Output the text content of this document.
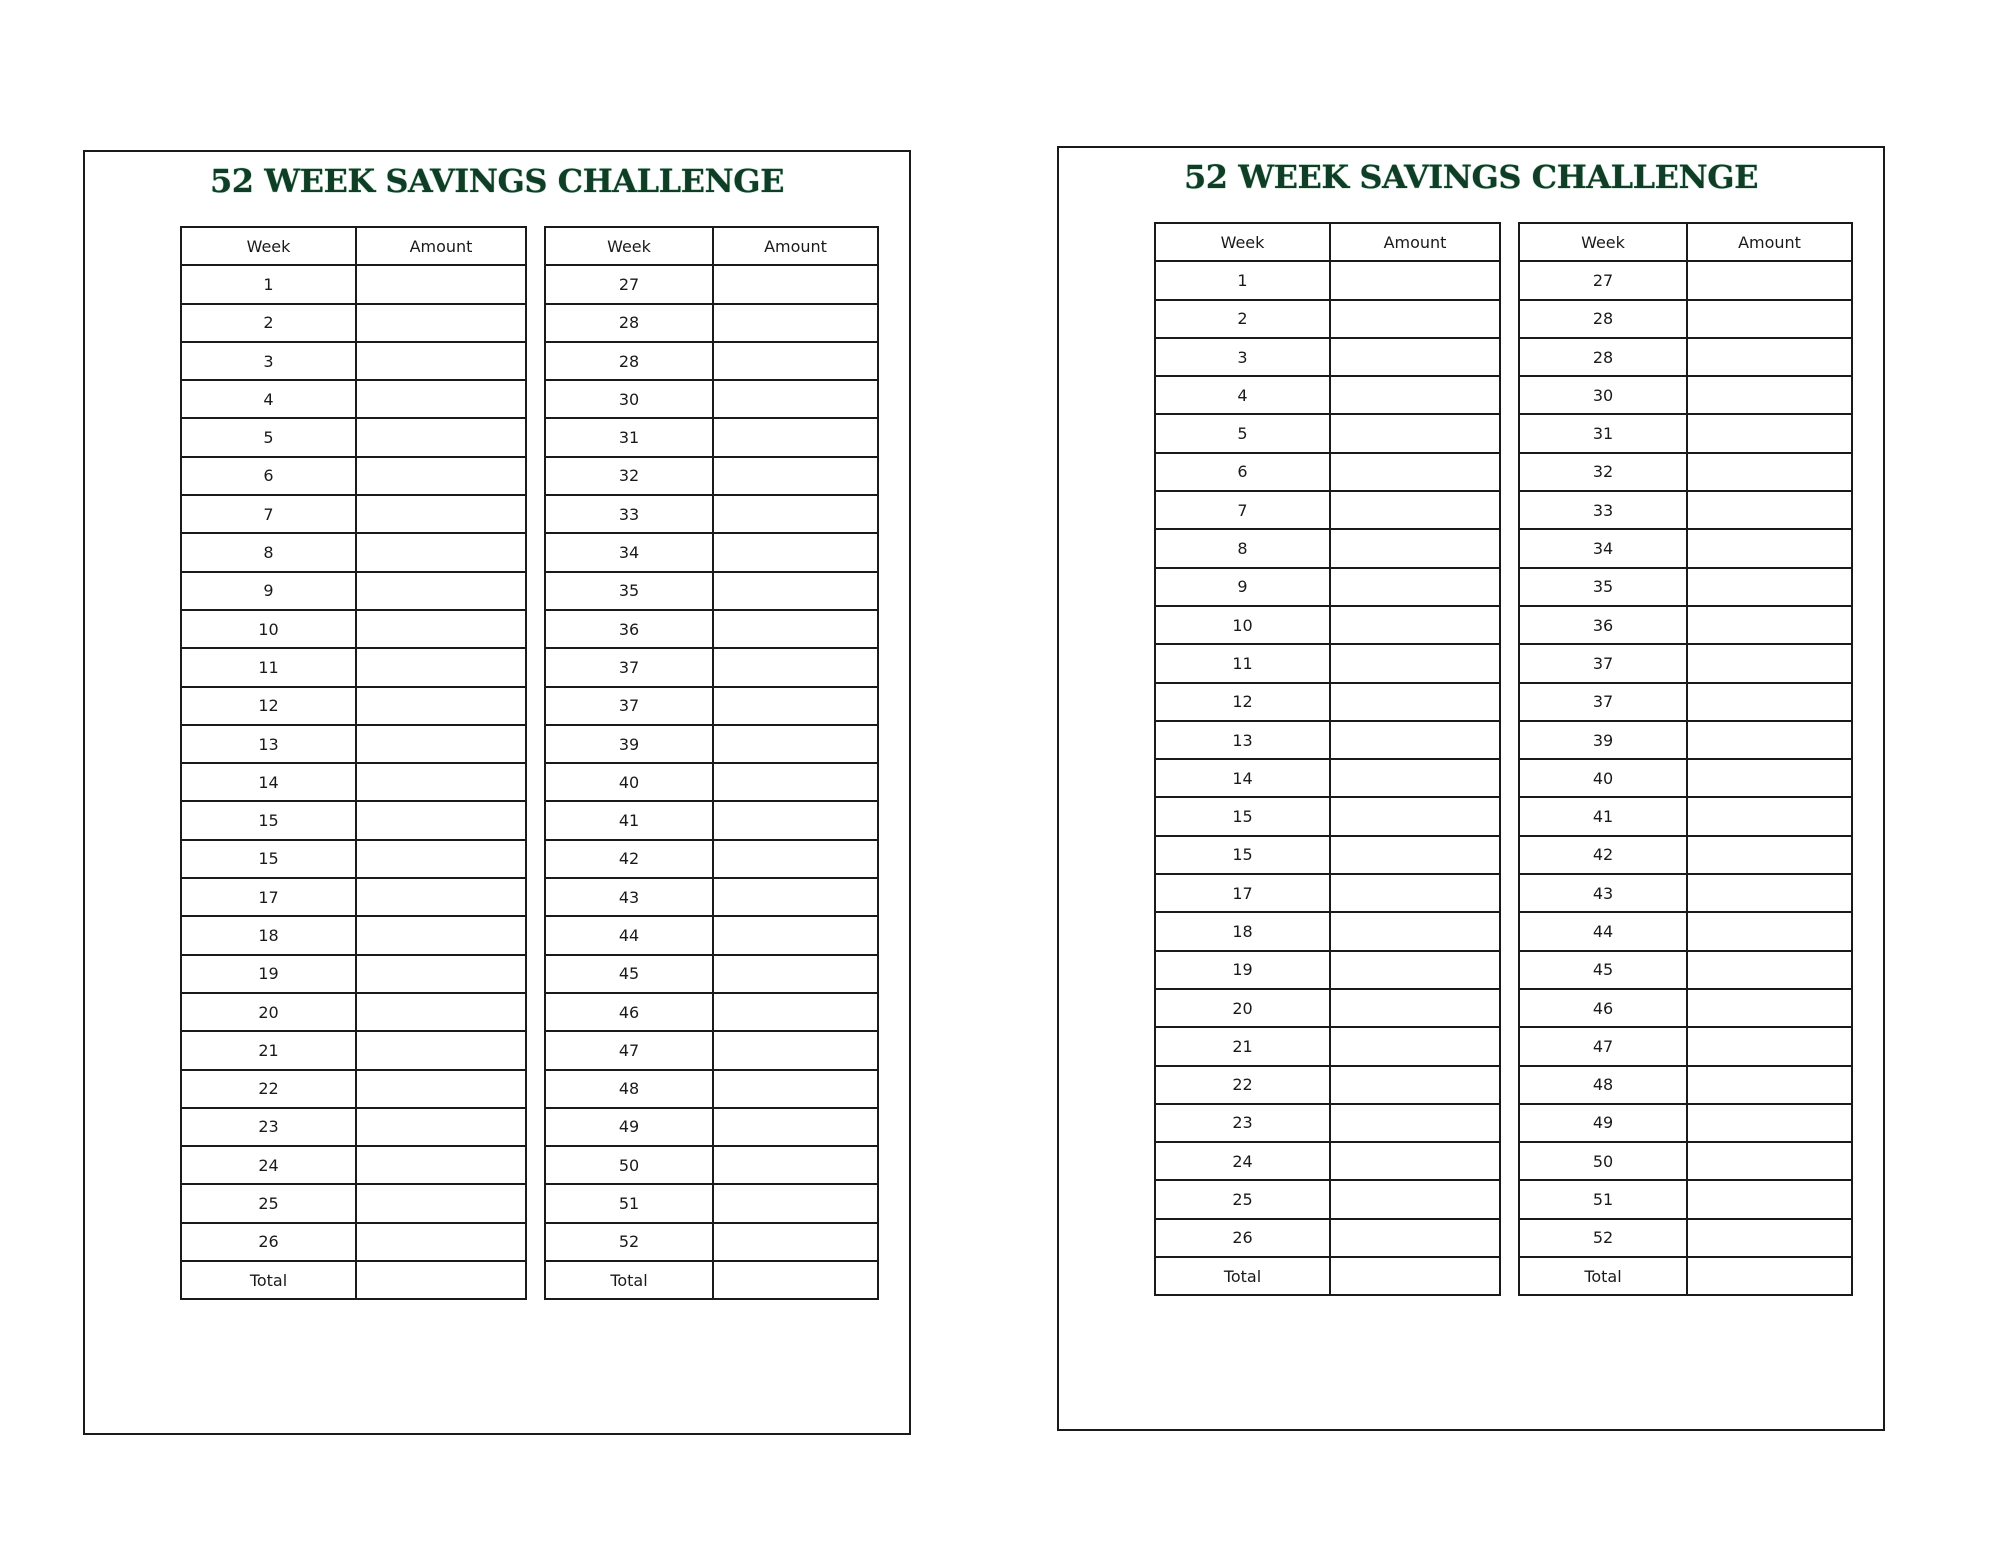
52 WEEK SAVINGS CHALLENGE
Week	Amount
1	
2	
3	
4	
5	
6	
7	
8	
9	
10	
11	
12	
13	
14	
15	
15	
17	
18	
19	
20	
21	
22	
23	
24	
25	
26	
Total	
Week	Amount
27	
28	
28	
30	
31	
32	
33	
34	
35	
36	
37	
37	
39	
40	
41	
42	
43	
44	
45	
46	
47	
48	
49	
50	
51	
52	
Total	
52 WEEK SAVINGS CHALLENGE
Week	Amount
1	
2	
3	
4	
5	
6	
7	
8	
9	
10	
11	
12	
13	
14	
15	
15	
17	
18	
19	
20	
21	
22	
23	
24	
25	
26	
Total	
Week	Amount
27	
28	
28	
30	
31	
32	
33	
34	
35	
36	
37	
37	
39	
40	
41	
42	
43	
44	
45	
46	
47	
48	
49	
50	
51	
52	
Total	
